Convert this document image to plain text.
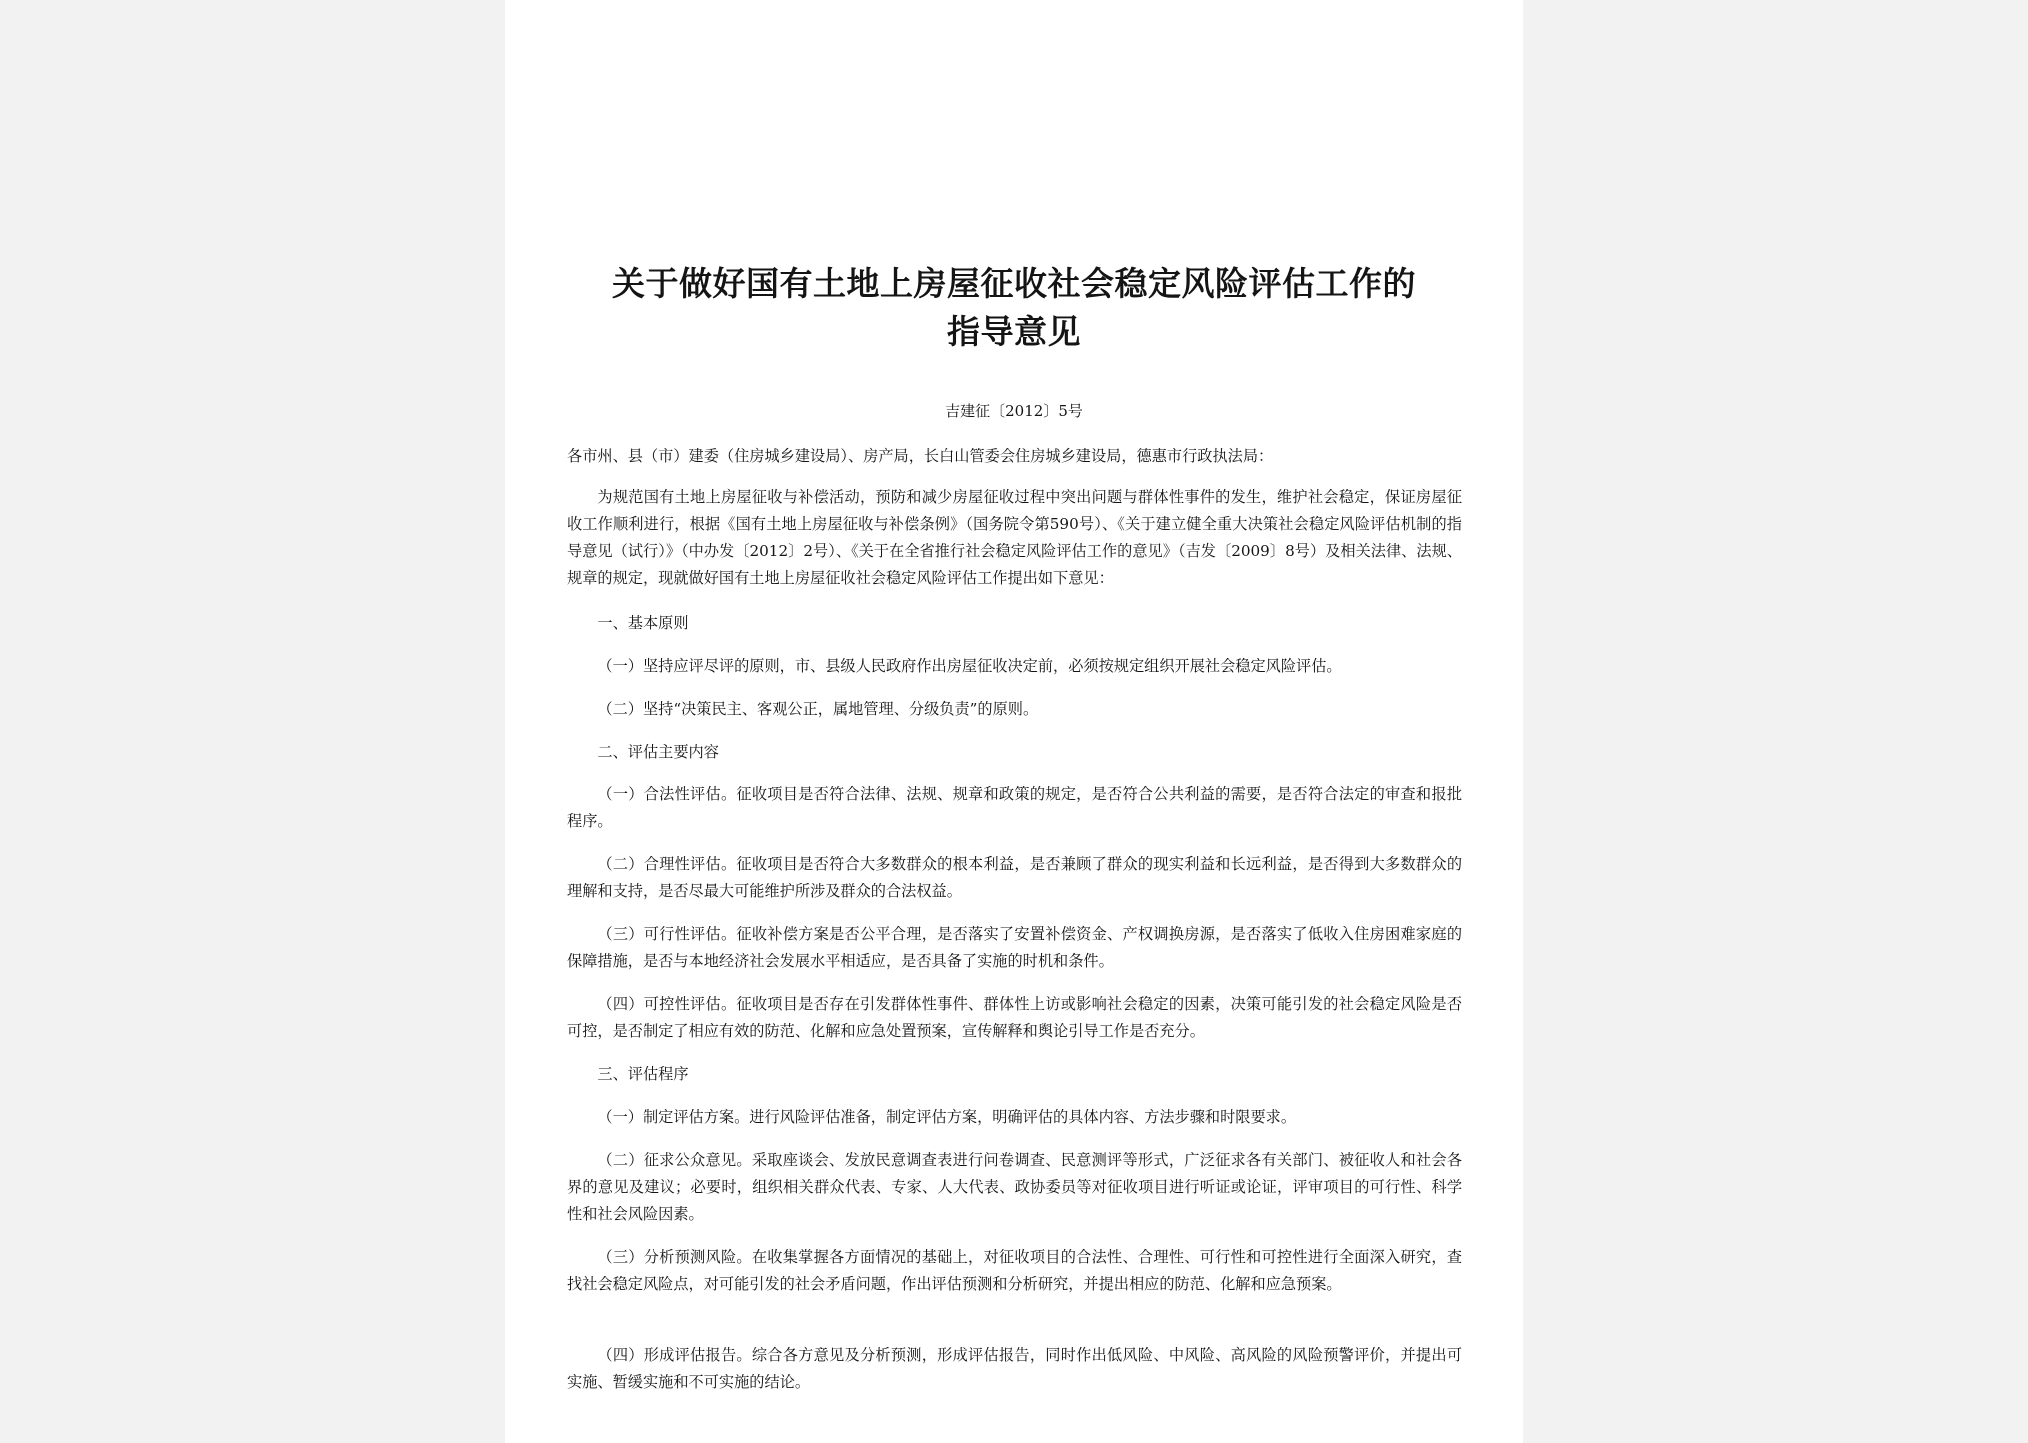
关于做好国有土地上房屋征收社会稳定风险评估工作的
指导意见
吉建征〔2012〕5号

各市州、县（市）建委（住房城乡建设局）、房产局，长白山管委会住房城乡建设局，德惠市行政执法局：

为规范国有土地上房屋征收与补偿活动，预防和减少房屋征收过程中突出问题与群体性事件的发生，维护社会稳定，保证房屋征收工作顺利进行，根据《国有土地上房屋征收与补偿条例》（国务院令第590号）、《关于建立健全重大决策社会稳定风险评估机制的指导意见（试行）》（中办发〔2012〕2号）、《关于在全省推行社会稳定风险评估工作的意见》（吉发〔2009〕8号）及相关法律、法规、规章的规定，现就做好国有土地上房屋征收社会稳定风险评估工作提出如下意见：

一、基本原则

（一）坚持应评尽评的原则，市、县级人民政府作出房屋征收决定前，必须按规定组织开展社会稳定风险评估。

（二）坚持“决策民主、客观公正，属地管理、分级负责”的原则。

二、评估主要内容

（一）合法性评估。征收项目是否符合法律、法规、规章和政策的规定，是否符合公共利益的需要，是否符合法定的审查和报批程序。

（二）合理性评估。征收项目是否符合大多数群众的根本利益，是否兼顾了群众的现实利益和长远利益，是否得到大多数群众的理解和支持，是否尽最大可能维护所涉及群众的合法权益。

（三）可行性评估。征收补偿方案是否公平合理，是否落实了安置补偿资金、产权调换房源，是否落实了低收入住房困难家庭的保障措施，是否与本地经济社会发展水平相适应，是否具备了实施的时机和条件。

（四）可控性评估。征收项目是否存在引发群体性事件、群体性上访或影响社会稳定的因素，决策可能引发的社会稳定风险是否可控，是否制定了相应有效的防范、化解和应急处置预案，宣传解释和舆论引导工作是否充分。

三、评估程序

（一）制定评估方案。进行风险评估准备，制定评估方案，明确评估的具体内容、方法步骤和时限要求。

（二）征求公众意见。采取座谈会、发放民意调查表进行问卷调查、民意测评等形式，广泛征求各有关部门、被征收人和社会各界的意见及建议；必要时，组织相关群众代表、专家、人大代表、政协委员等对征收项目进行听证或论证，评审项目的可行性、科学性和社会风险因素。

（三）分析预测风险。在收集掌握各方面情况的基础上，对征收项目的合法性、合理性、可行性和可控性进行全面深入研究，查找社会稳定风险点，对可能引发的社会矛盾问题，作出评估预测和分析研究，并提出相应的防范、化解和应急预案。

（四）形成评估报告。综合各方意见及分析预测，形成评估报告，同时作出低风险、中风险、高风险的风险预警评价，并提出可实施、暂缓实施和不可实施的结论。
